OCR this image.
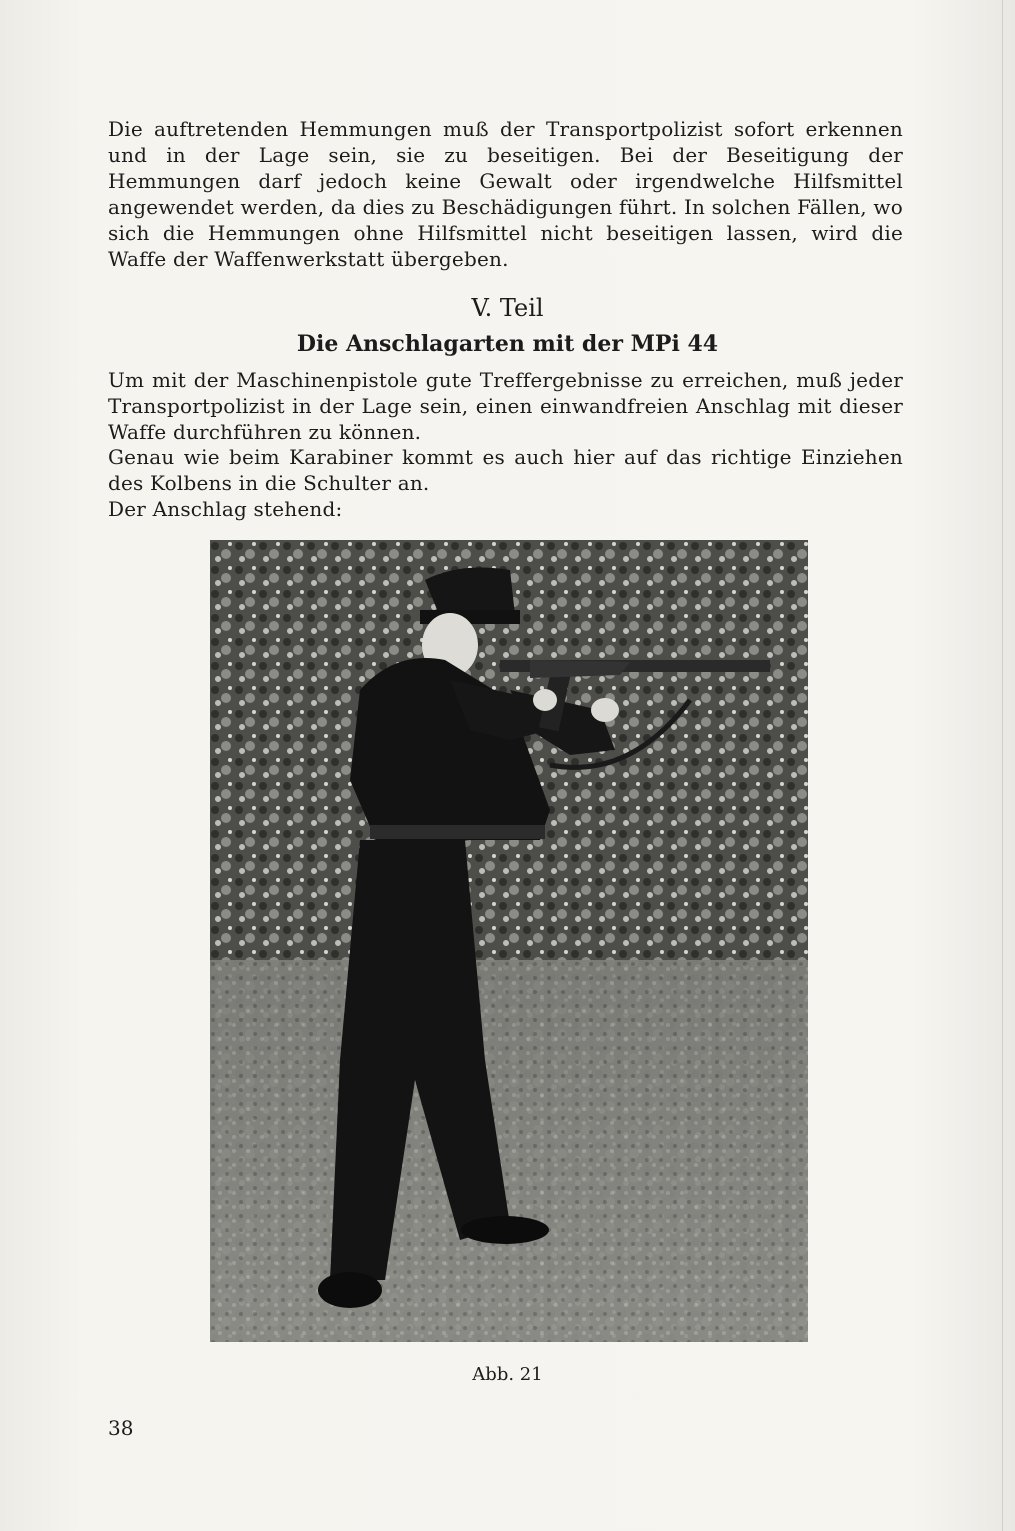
Die auftretenden Hemmungen muß der Transportpolizist sofort erkennen und in der Lage sein, sie zu beseitigen. Bei der Beseitigung der Hemmungen darf jedoch keine Gewalt oder irgendwelche Hilfsmittel angewendet werden, da dies zu Beschädigungen führt. In solchen Fällen, wo sich die Hemmungen ohne Hilfsmittel nicht beseitigen lassen, wird die Waffe der Waffenwerkstatt übergeben.

V. Teil
Die Anschlagarten mit der MPi 44

Um mit der Maschinenpistole gute Treffergebnisse zu erreichen, muß jeder Transportpolizist in der Lage sein, einen einwandfreien Anschlag mit dieser Waffe durchführen zu können.

Genau wie beim Karabiner kommt es auch hier auf das richtige Einziehen des Kolbens in die Schulter an.

Der Anschlag stehend:

Abb. 21
38
